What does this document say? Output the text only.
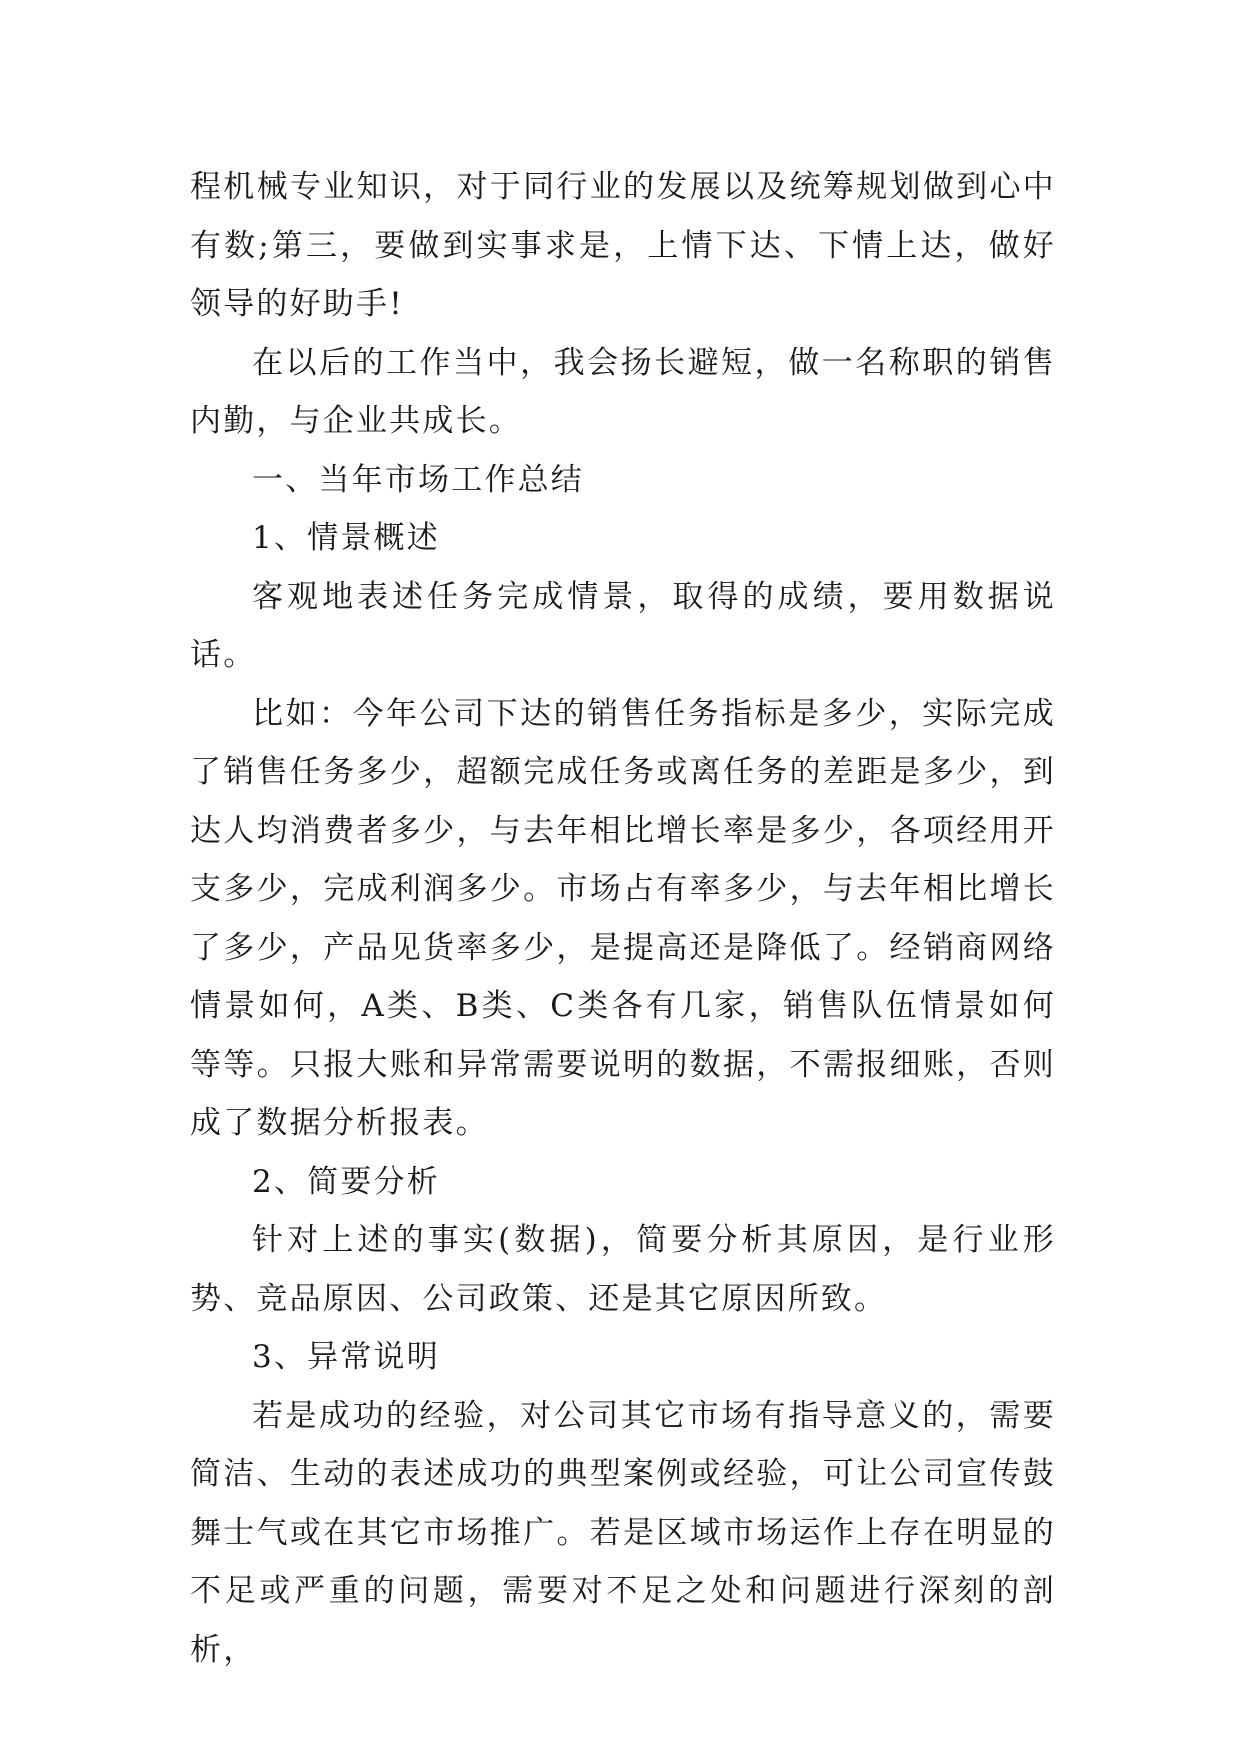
程机械专业知识，对于同行业的发展以及统筹规划做到心中有数;第三，要做到实事求是，上情下达、下情上达，做好领导的好助手!

在以后的工作当中，我会扬长避短，做一名称职的销售内勤，与企业共成长。

一、当年市场工作总结

1、情景概述

客观地表述任务完成情景，取得的成绩，要用数据说话。

比如：今年公司下达的销售任务指标是多少，实际完成了销售任务多少，超额完成任务或离任务的差距是多少，到达人均消费者多少，与去年相比增长率是多少，各项经用开支多少，完成利润多少。市场占有率多少，与去年相比增长了多少，产品见货率多少，是提高还是降低了。经销商网络情景如何，A类、B类、C类各有几家，销售队伍情景如何等等。只报大账和异常需要说明的数据，不需报细账，否则成了数据分析报表。

2、简要分析

针对上述的事实(数据)，简要分析其原因，是行业形势、竞品原因、公司政策、还是其它原因所致。

3、异常说明

若是成功的经验，对公司其它市场有指导意义的，需要简洁、生动的表述成功的典型案例或经验，可让公司宣传鼓舞士气或在其它市场推广。若是区域市场运作上存在明显的不足或严重的问题，需要对不足之处和问题进行深刻的剖析，
